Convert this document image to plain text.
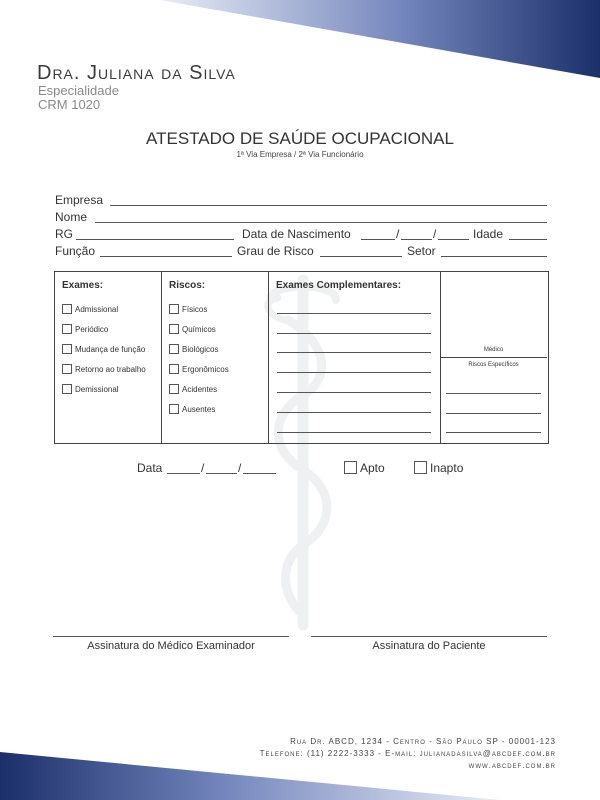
Dra. Juliana da Silva
Especialidade
CRM 1020
ATESTADO DE SAÚDE OCUPACIONAL
1ª Via Empresa / 2ª Via Funcionário
Empresa
Nome
RG	Data de Nascimento	/	/	Idade
Função	Grau de Risco	Setor
Exames:
Admissional
Periódico
Mudança de função
Retorno ao trabalho
Demissional
Riscos:
Físicos
Químicos
Biológicos
Ergonômicos
Acidentes
Ausentes
Exames Complementares:
Médico
Riscos Específicos
Data	/	/	Apto	Inapto
Assinatura do Médico Examinador	Assinatura do Paciente
Rua Dr. ABCD, 1234 - Centro - São Paulo SP - 00001-123
Telefone: (11) 2222-3333 - E-mail: julianadasilva@abcdef.com.br
www.abcdef.com.br
